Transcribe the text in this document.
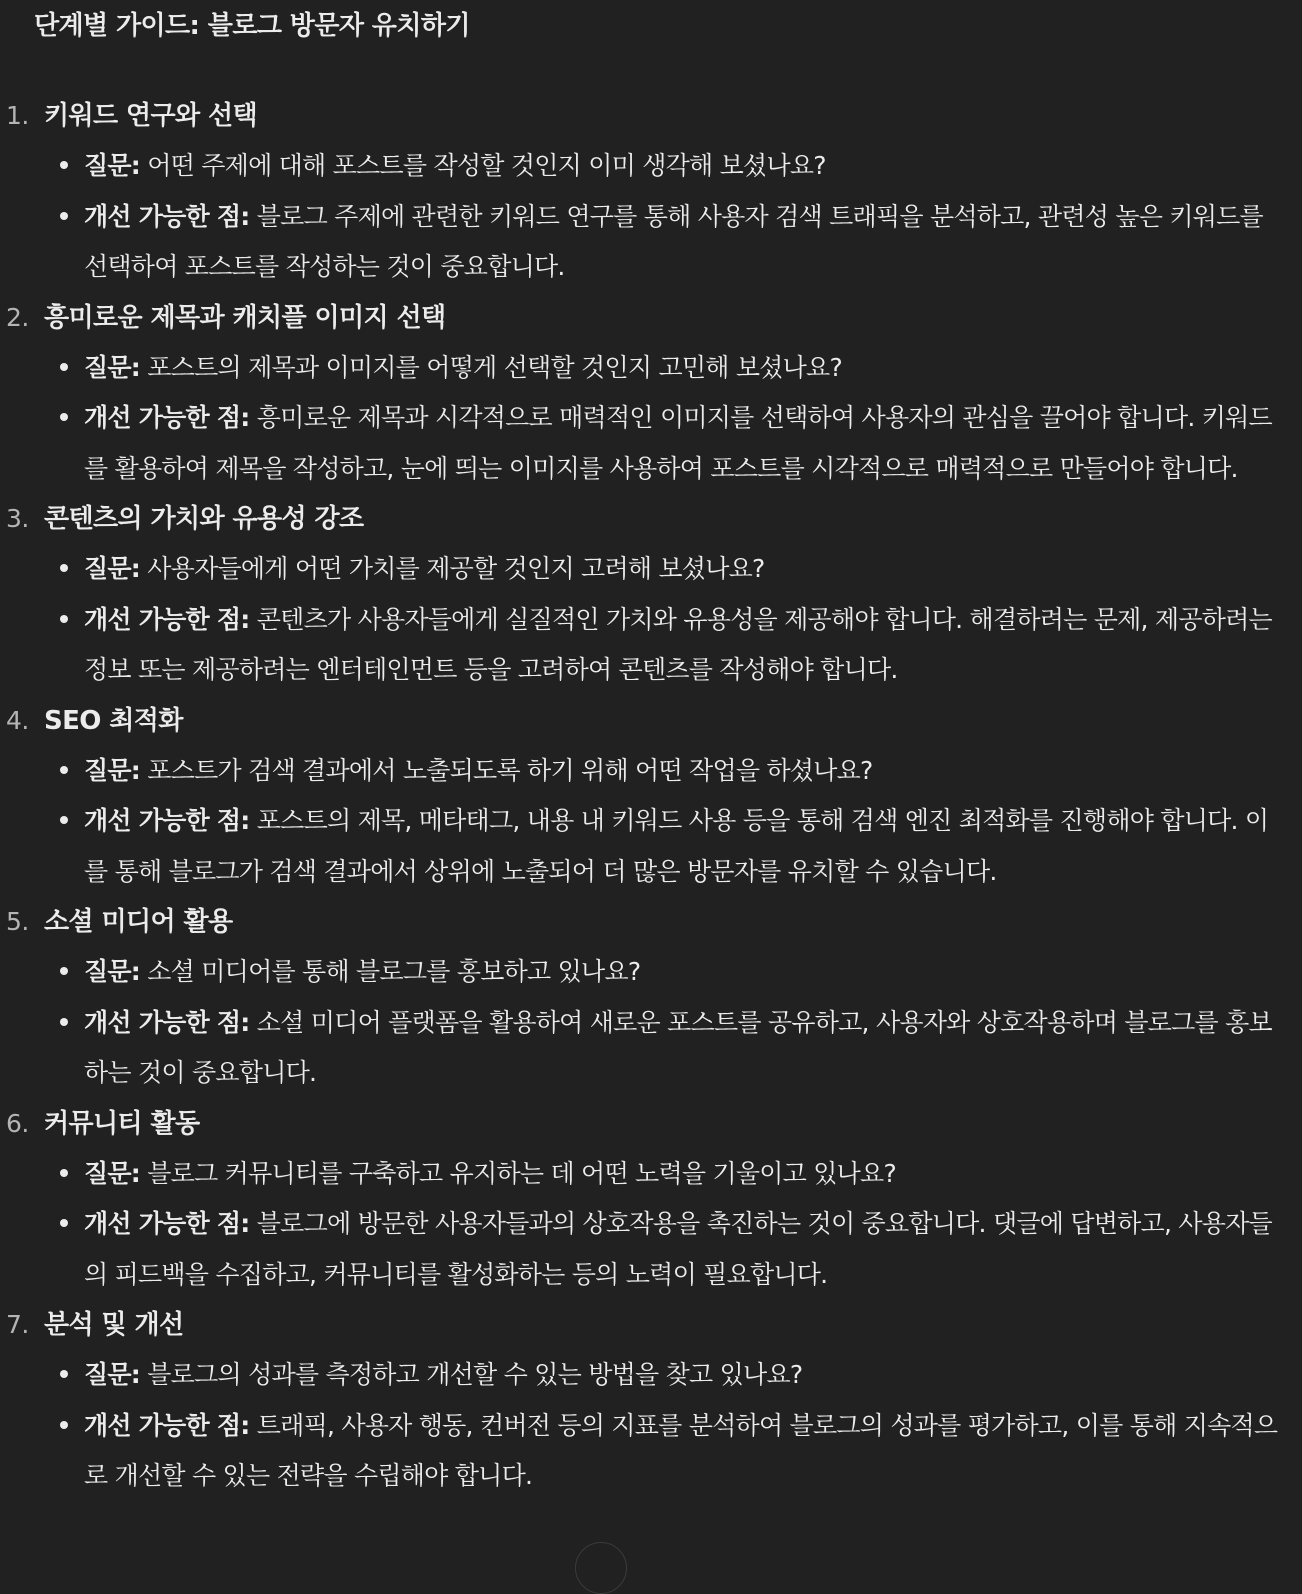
단계별 가이드: 블로그 방문자 유치하기
1. 키워드 연구와 선택
질문: 어떤 주제에 대해 포스트를 작성할 것인지 이미 생각해 보셨나요?
개선 가능한 점: 블로그 주제에 관련한 키워드 연구를 통해 사용자 검색 트래픽을 분석하고, 관련성 높은 키워드를 선택하여 포스트를 작성하는 것이 중요합니다.
2. 흥미로운 제목과 캐치플 이미지 선택
질문: 포스트의 제목과 이미지를 어떻게 선택할 것인지 고민해 보셨나요?
개선 가능한 점: 흥미로운 제목과 시각적으로 매력적인 이미지를 선택하여 사용자의 관심을 끌어야 합니다. 키워드를 활용하여 제목을 작성하고, 눈에 띄는 이미지를 사용하여 포스트를 시각적으로 매력적으로 만들어야 합니다.
3. 콘텐츠의 가치와 유용성 강조
질문: 사용자들에게 어떤 가치를 제공할 것인지 고려해 보셨나요?
개선 가능한 점: 콘텐츠가 사용자들에게 실질적인 가치와 유용성을 제공해야 합니다. 해결하려는 문제, 제공하려는 정보 또는 제공하려는 엔터테인먼트 등을 고려하여 콘텐츠를 작성해야 합니다.
4. SEO 최적화
질문: 포스트가 검색 결과에서 노출되도록 하기 위해 어떤 작업을 하셨나요?
개선 가능한 점: 포스트의 제목, 메타태그, 내용 내 키워드 사용 등을 통해 검색 엔진 최적화를 진행해야 합니다. 이를 통해 블로그가 검색 결과에서 상위에 노출되어 더 많은 방문자를 유치할 수 있습니다.
5. 소셜 미디어 활용
질문: 소셜 미디어를 통해 블로그를 홍보하고 있나요?
개선 가능한 점: 소셜 미디어 플랫폼을 활용하여 새로운 포스트를 공유하고, 사용자와 상호작용하며 블로그를 홍보하는 것이 중요합니다.
6. 커뮤니티 활동
질문: 블로그 커뮤니티를 구축하고 유지하는 데 어떤 노력을 기울이고 있나요?
개선 가능한 점: 블로그에 방문한 사용자들과의 상호작용을 촉진하는 것이 중요합니다. 댓글에 답변하고, 사용자들의 피드백을 수집하고, 커뮤니티를 활성화하는 등의 노력이 필요합니다.
7. 분석 및 개선
질문: 블로그의 성과를 측정하고 개선할 수 있는 방법을 찾고 있나요?
개선 가능한 점: 트래픽, 사용자 행동, 컨버전 등의 지표를 분석하여 블로그의 성과를 평가하고, 이를 통해 지속적으로 개선할 수 있는 전략을 수립해야 합니다.
